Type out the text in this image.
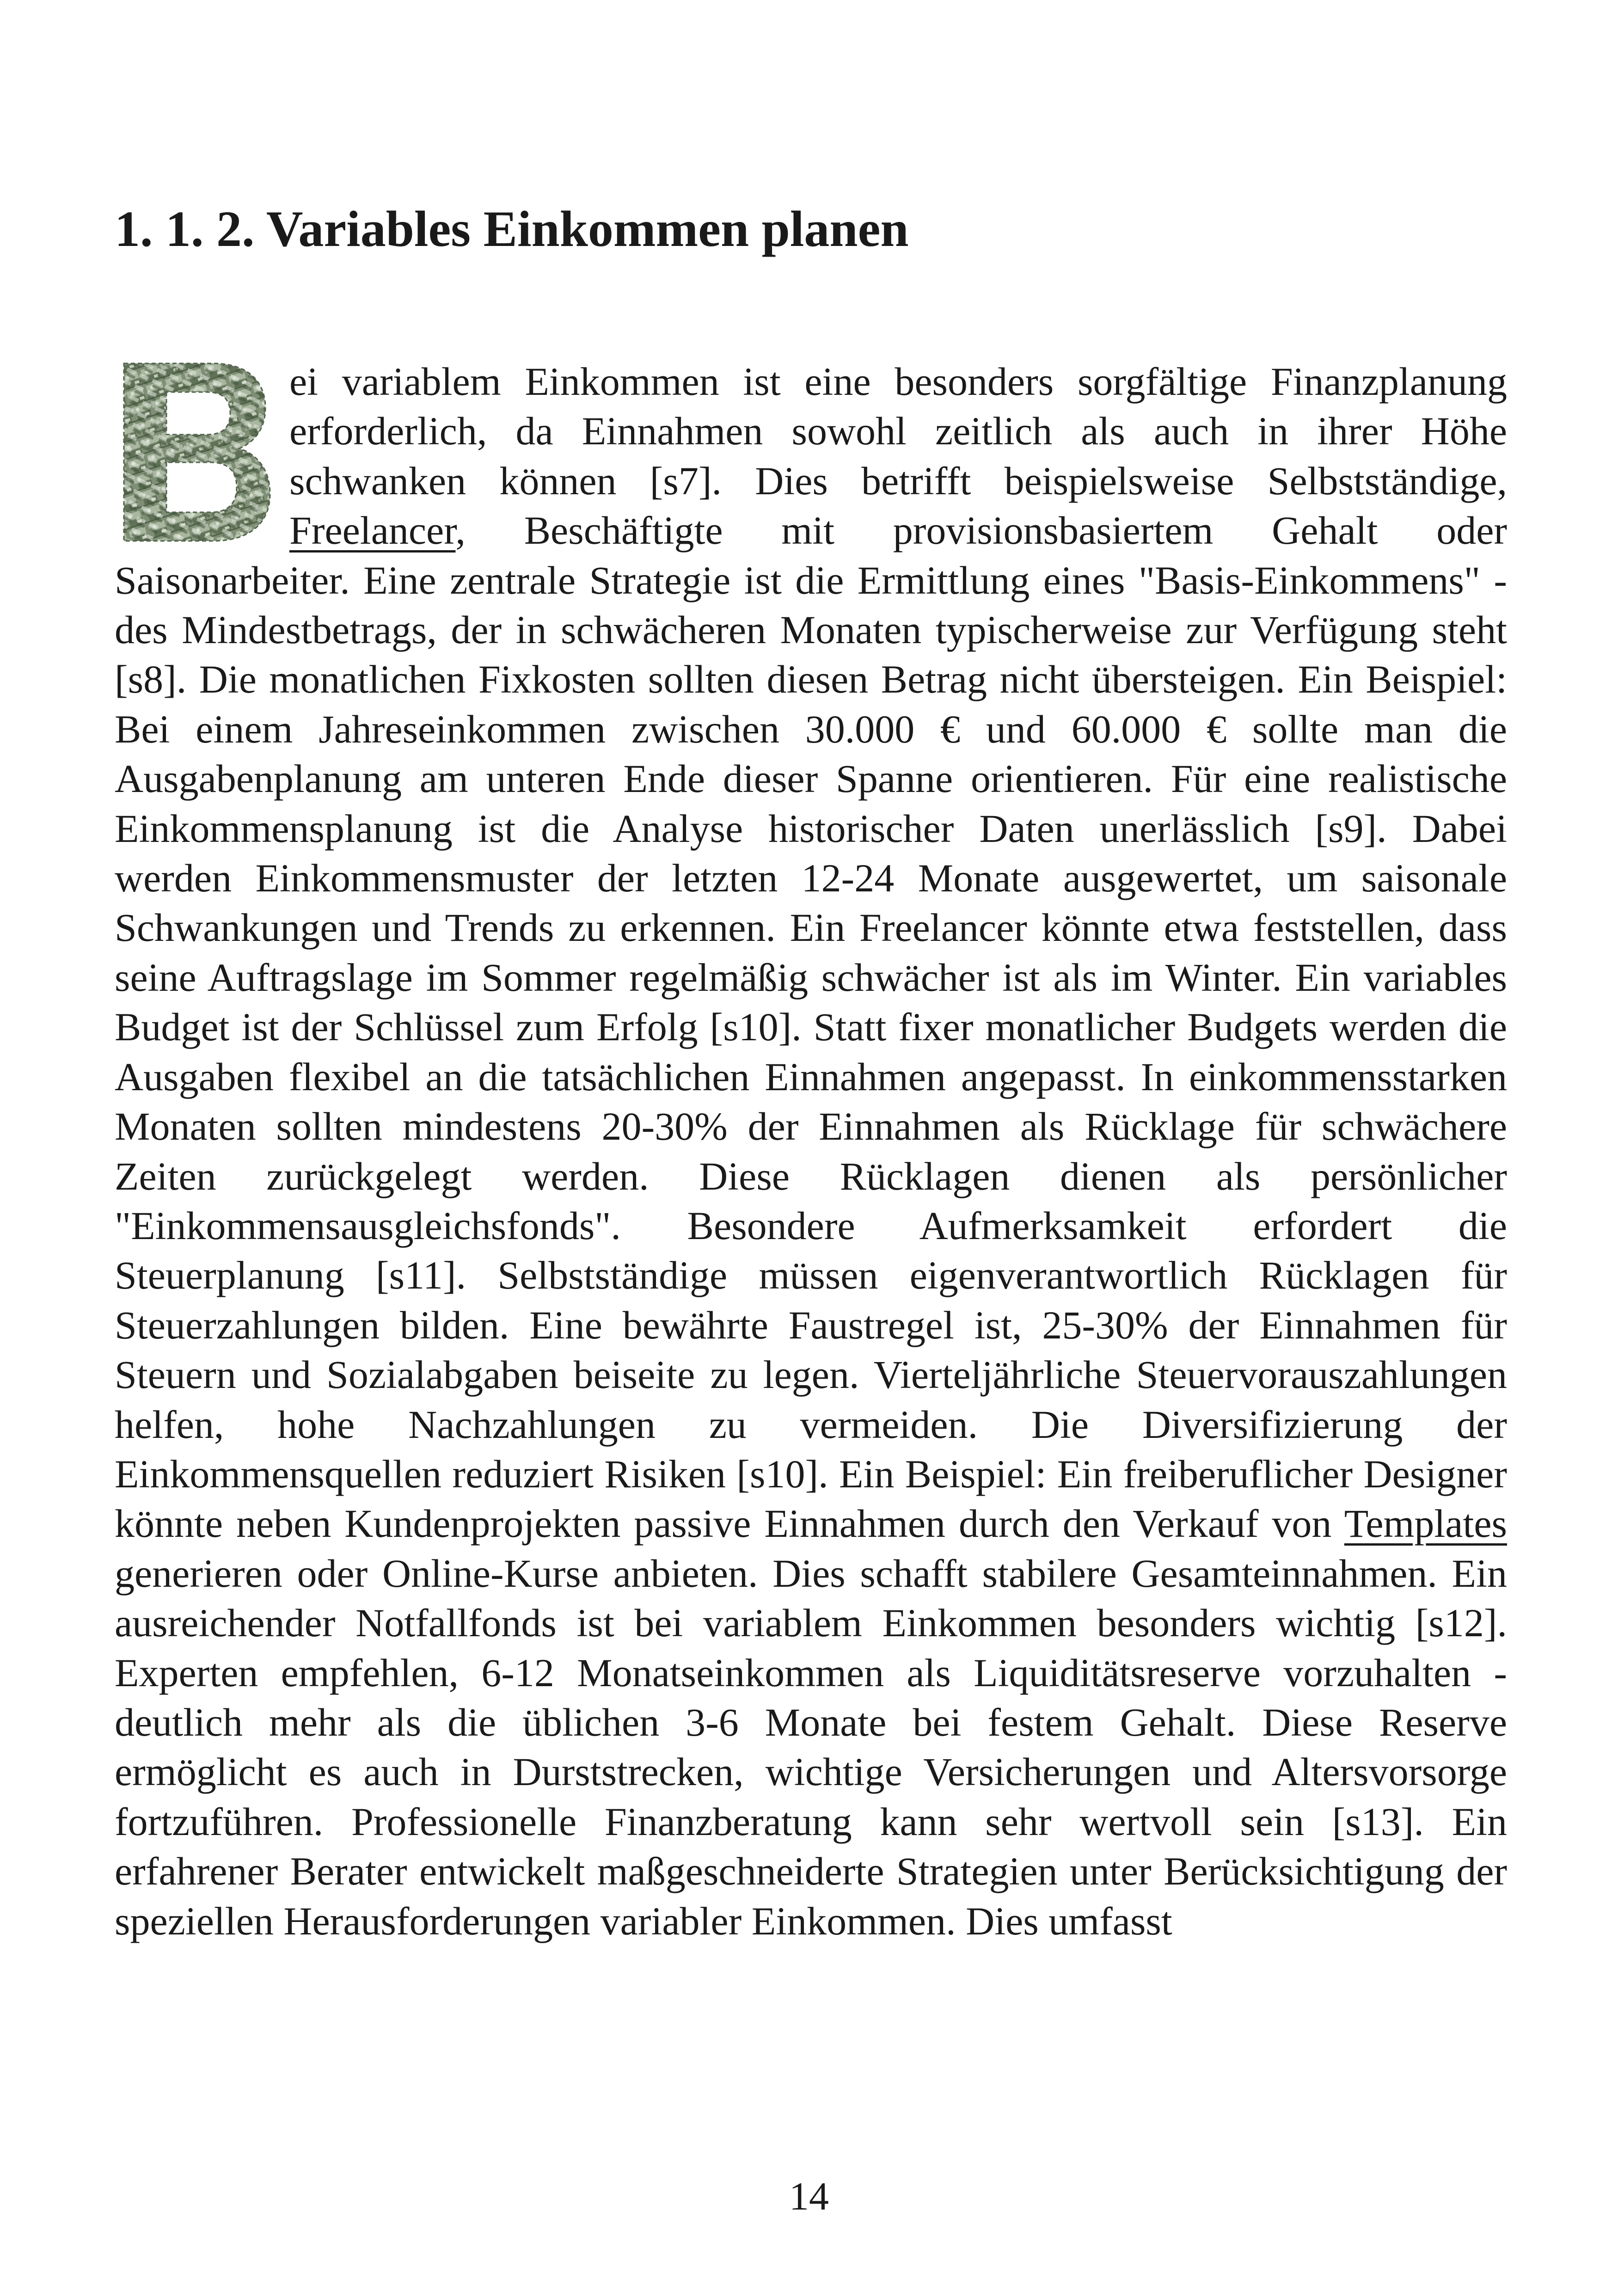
1. 1. 2. Variables Einkommen planen

ei variablem Einkommen ist eine besonders sorgfältige Finanzplanung erforderlich, da Einnahmen sowohl zeitlich als auch in ihrer Höhe schwanken können [s7]. Dies betrifft beispielsweise Selbstständige, Freelancer, Beschäftigte mit provisionsbasiertem Gehalt oder Saisonarbeiter. Eine zentrale Strategie ist die Ermittlung eines "Basis-Einkommens" - des Mindestbetrags, der in schwächeren Monaten typischerweise zur Verfügung steht [s8]. Die monatlichen Fixkosten sollten diesen Betrag nicht übersteigen. Ein Beispiel: Bei einem Jahreseinkommen zwischen 30.000 € und 60.000 € sollte man die Ausgabenplanung am unteren Ende dieser Spanne orientieren. Für eine realistische Einkommensplanung ist die Analyse historischer Daten unerlässlich [s9]. Dabei werden Einkommensmuster der letzten 12-24 Monate ausgewertet, um saisonale Schwankungen und Trends zu erkennen. Ein Freelancer könnte etwa feststellen, dass seine Auftragslage im Sommer regelmäßig schwächer ist als im Winter. Ein variables Budget ist der Schlüssel zum Erfolg [s10]. Statt fixer monatlicher Budgets werden die Ausgaben flexibel an die tatsächlichen Einnahmen angepasst. In einkommensstarken Monaten sollten mindestens 20-30% der Einnahmen als Rücklage für schwächere Zeiten zurückgelegt werden. Diese Rücklagen dienen als persönlicher "Einkommensausgleichsfonds". Besondere Aufmerksamkeit erfordert die Steuerplanung [s11]. Selbstständige müssen eigenverantwortlich Rücklagen für Steuerzahlungen bilden. Eine bewährte Faustregel ist, 25-30% der Einnahmen für Steuern und Sozialabgaben beiseite zu legen. Vierteljährliche Steuervorauszahlungen helfen, hohe Nachzahlungen zu vermeiden. Die Diversifizierung der Einkommensquellen reduziert Risiken [s10]. Ein Beispiel: Ein freiberuflicher Designer könnte neben Kundenprojekten passive Einnahmen durch den Verkauf von Templates generieren oder Online-Kurse anbieten. Dies schafft stabilere Gesamteinnahmen. Ein ausreichender Notfallfonds ist bei variablem Einkommen besonders wichtig [s12]. Experten empfehlen, 6-12 Monatseinkommen als Liquiditätsreserve vorzuhalten - deutlich mehr als die üblichen 3-6 Monate bei festem Gehalt. Diese Reserve ermöglicht es auch in Durststrecken, wichtige Versicherungen und Altersvorsorge fortzuführen. Professionelle Finanzberatung kann sehr wertvoll sein [s13]. Ein erfahrener Berater entwickelt maßgeschneiderte Strategien unter Berücksichtigung der speziellen Herausforderungen variabler Einkommen. Dies umfasst

14
